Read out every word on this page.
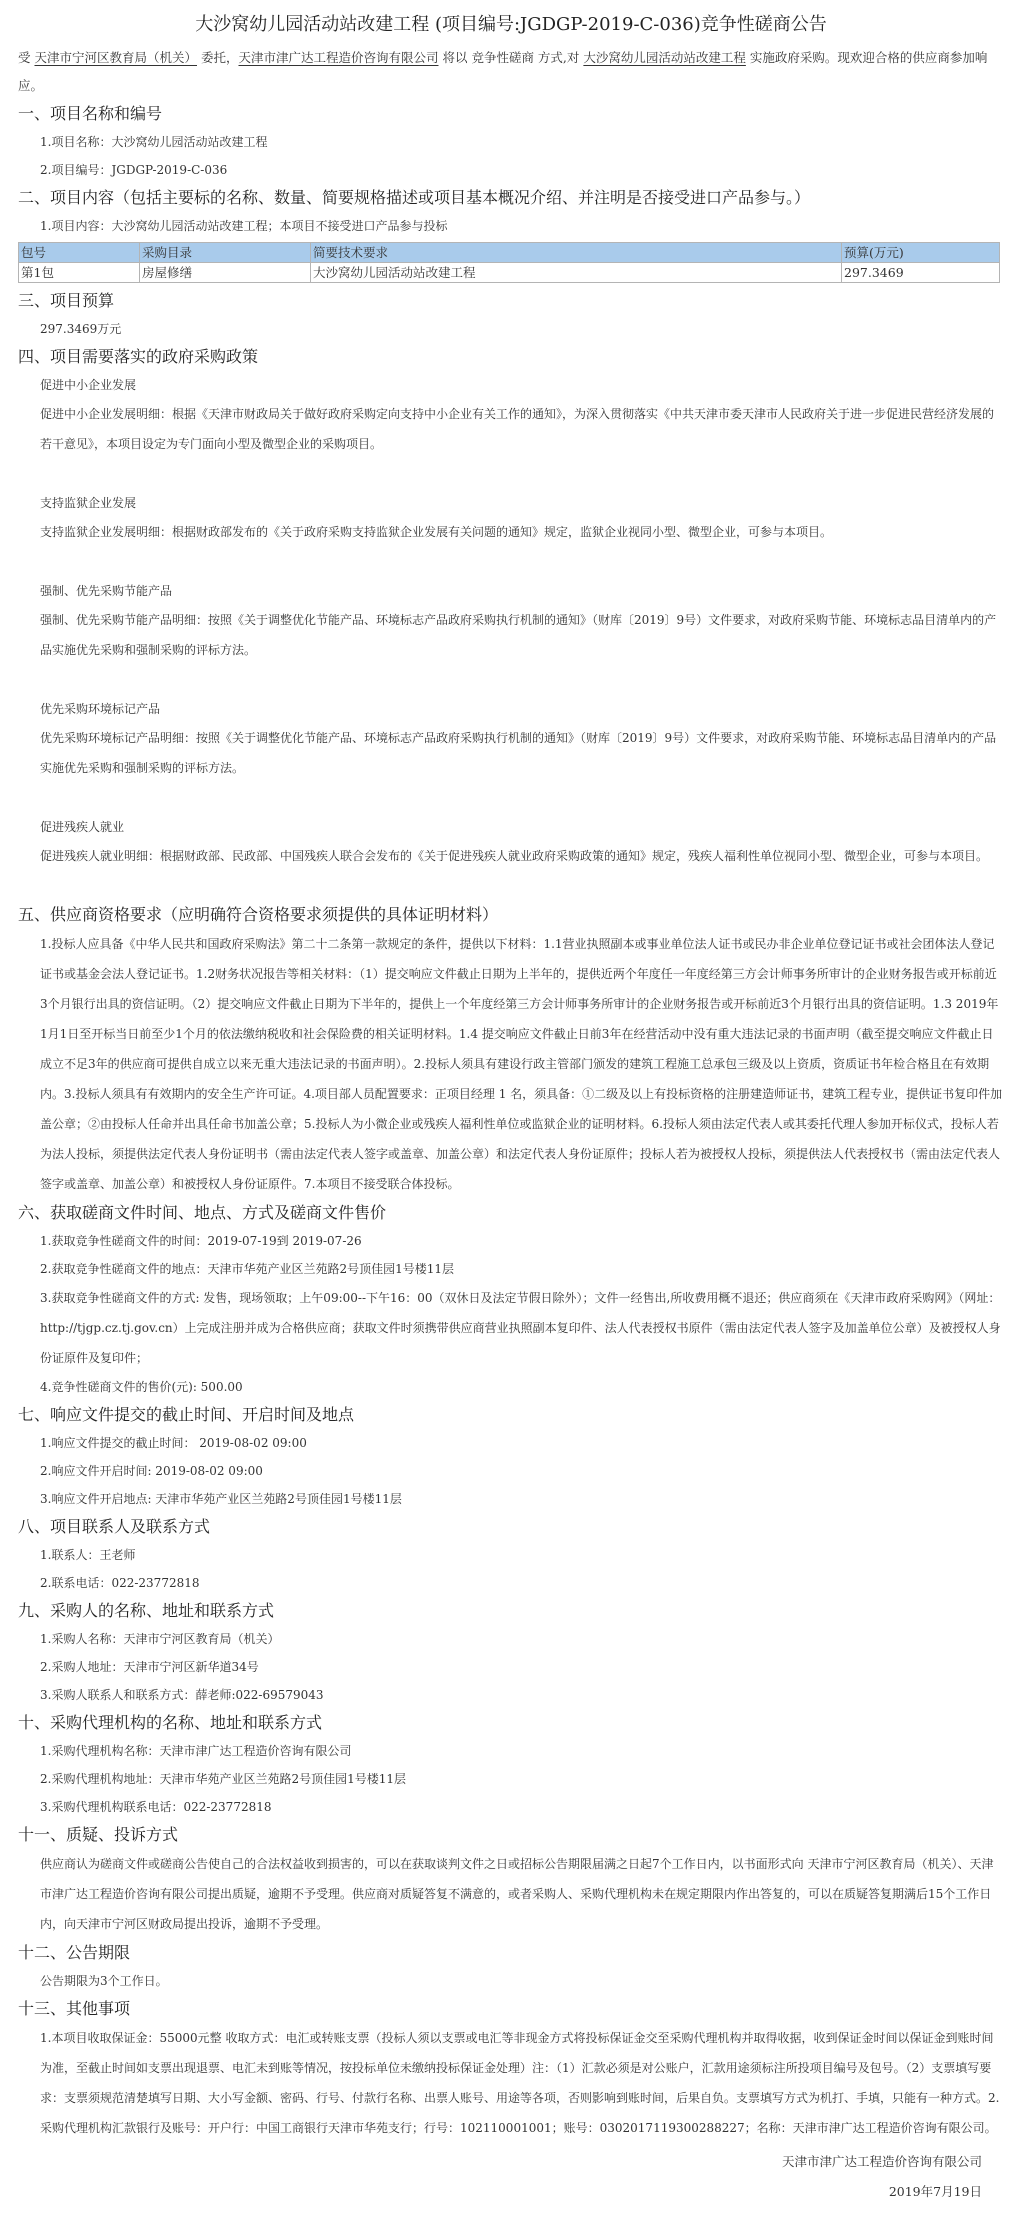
大沙窝幼儿园活动站改建工程 (项目编号:JGDGP-2019-C-036)竞争性磋商公告

受 天津市宁河区教育局（机关） 委托，天津市津广达工程造价咨询有限公司 将以 竞争性磋商 方式,对 大沙窝幼儿园活动站改建工程 实施政府采购。现欢迎合格的供应商参加响应。

一、项目名称和编号

1.项目名称：大沙窝幼儿园活动站改建工程

2.项目编号：JGDGP-2019-C-036

二、项目内容（包括主要标的名称、数量、简要规格描述或项目基本概况介绍、并注明是否接受进口产品参与。）

1.项目内容：大沙窝幼儿园活动站改建工程；本项目不接受进口产品参与投标

包号	采购目录	简要技术要求	预算(万元)
第1包	房屋修缮	大沙窝幼儿园活动站改建工程	297.3469
三、项目预算

297.3469万元

四、项目需要落实的政府采购政策

促进中小企业发展

促进中小企业发展明细：根据《天津市财政局关于做好政府采购定向支持中小企业有关工作的通知》，为深入贯彻落实《中共天津市委天津市人民政府关于进一步促进民营经济发展的若干意见》，本项目设定为专门面向小型及微型企业的采购项目。

支持监狱企业发展

支持监狱企业发展明细：根据财政部发布的《关于政府采购支持监狱企业发展有关问题的通知》规定，监狱企业视同小型、微型企业，可参与本项目。

强制、优先采购节能产品

强制、优先采购节能产品明细：按照《关于调整优化节能产品、环境标志产品政府采购执行机制的通知》（财库〔2019〕9号）文件要求，对政府采购节能、环境标志品目清单内的产品实施优先采购和强制采购的评标方法。

优先采购环境标记产品

优先采购环境标记产品明细：按照《关于调整优化节能产品、环境标志产品政府采购执行机制的通知》（财库〔2019〕9号）文件要求，对政府采购节能、环境标志品目清单内的产品实施优先采购和强制采购的评标方法。

促进残疾人就业

促进残疾人就业明细：根据财政部、民政部、中国残疾人联合会发布的《关于促进残疾人就业政府采购政策的通知》规定，残疾人福利性单位视同小型、微型企业，可参与本项目。

五、供应商资格要求（应明确符合资格要求须提供的具体证明材料）

1.投标人应具备《中华人民共和国政府采购法》第二十二条第一款规定的条件，提供以下材料：1.1营业执照副本或事业单位法人证书或民办非企业单位登记证书或社会团体法人登记证书或基金会法人登记证书。1.2财务状况报告等相关材料：（1）提交响应文件截止日期为上半年的，提供近两个年度任一年度经第三方会计师事务所审计的企业财务报告或开标前近3个月银行出具的资信证明。（2）提交响应文件截止日期为下半年的，提供上一个年度经第三方会计师事务所审计的企业财务报告或开标前近3个月银行出具的资信证明。1.3 2019年1月1日至开标当日前至少1个月的依法缴纳税收和社会保险费的相关证明材料。1.4 提交响应文件截止日前3年在经营活动中没有重大违法记录的书面声明（截至提交响应文件截止日成立不足3年的供应商可提供自成立以来无重大违法记录的书面声明）。2.投标人须具有建设行政主管部门颁发的建筑工程施工总承包三级及以上资质，资质证书年检合格且在有效期内。3.投标人须具有有效期内的安全生产许可证。4.项目部人员配置要求：正项目经理 1 名，须具备：①二级及以上有投标资格的注册建造师证书，建筑工程专业，提供证书复印件加盖公章；②由投标人任命并出具任命书加盖公章；5.投标人为小微企业或残疾人福利性单位或监狱企业的证明材料。6.投标人须由法定代表人或其委托代理人参加开标仪式，投标人若为法人投标，须提供法定代表人身份证明书（需由法定代表人签字或盖章、加盖公章）和法定代表人身份证原件；投标人若为被授权人投标，须提供法人代表授权书（需由法定代表人签字或盖章、加盖公章）和被授权人身份证原件。7.本项目不接受联合体投标。

六、获取磋商文件时间、地点、方式及磋商文件售价

1.获取竞争性磋商文件的时间：2019-07-19到 2019-07-26

2.获取竞争性磋商文件的地点：天津市华苑产业区兰苑路2号顶佳园1号楼11层

3.获取竞争性磋商文件的方式: 发售，现场领取；上午09:00--下午16：00（双休日及法定节假日除外）；文件一经售出,所收费用概不退还；供应商须在《天津市政府采购网》（网址：http://tjgp.cz.tj.gov.cn）上完成注册并成为合格供应商；获取文件时须携带供应商营业执照副本复印件、法人代表授权书原件（需由法定代表人签字及加盖单位公章）及被授权人身份证原件及复印件；

4.竞争性磋商文件的售价(元): 500.00

七、响应文件提交的截止时间、开启时间及地点

1.响应文件提交的截止时间： 2019-08-02 09:00

2.响应文件开启时间: 2019-08-02 09:00

3.响应文件开启地点: 天津市华苑产业区兰苑路2号顶佳园1号楼11层

八、项目联系人及联系方式

1.联系人：王老师

2.联系电话：022-23772818

九、采购人的名称、地址和联系方式

1.采购人名称：天津市宁河区教育局（机关）

2.采购人地址：天津市宁河区新华道34号

3.采购人联系人和联系方式：薛老师:022-69579043

十、采购代理机构的名称、地址和联系方式

1.采购代理机构名称：天津市津广达工程造价咨询有限公司

2.采购代理机构地址：天津市华苑产业区兰苑路2号顶佳园1号楼11层

3.采购代理机构联系电话：022-23772818

十一、质疑、投诉方式

供应商认为磋商文件或磋商公告使自己的合法权益收到损害的，可以在获取谈判文件之日或招标公告期限届满之日起7个工作日内，以书面形式向 天津市宁河区教育局（机关）、天津市津广达工程造价咨询有限公司提出质疑，逾期不予受理。供应商对质疑答复不满意的，或者采购人、采购代理机构未在规定期限内作出答复的，可以在质疑答复期满后15个工作日内，向天津市宁河区财政局提出投诉，逾期不予受理。

十二、公告期限

公告期限为3个工作日。

十三、其他事项

1.本项目收取保证金：55000元整 收取方式：电汇或转账支票（投标人须以支票或电汇等非现金方式将投标保证金交至采购代理机构并取得收据，收到保证金时间以保证金到账时间为准，至截止时间如支票出现退票、电汇未到账等情况，按投标单位未缴纳投标保证金处理）注：（1）汇款必须是对公账户，汇款用途须标注所投项目编号及包号。（2）支票填写要求：支票须规范清楚填写日期、大小写金额、密码、行号、付款行名称、出票人账号、用途等各项，否则影响到账时间，后果自负。支票填写方式为机打、手填，只能有一种方式。2.采购代理机构汇款银行及账号：开户行：中国工商银行天津市华苑支行；行号：102110001001；账号：0302017119300288227；名称：天津市津广达工程造价咨询有限公司。

天津市津广达工程造价咨询有限公司
2019年7月19日
